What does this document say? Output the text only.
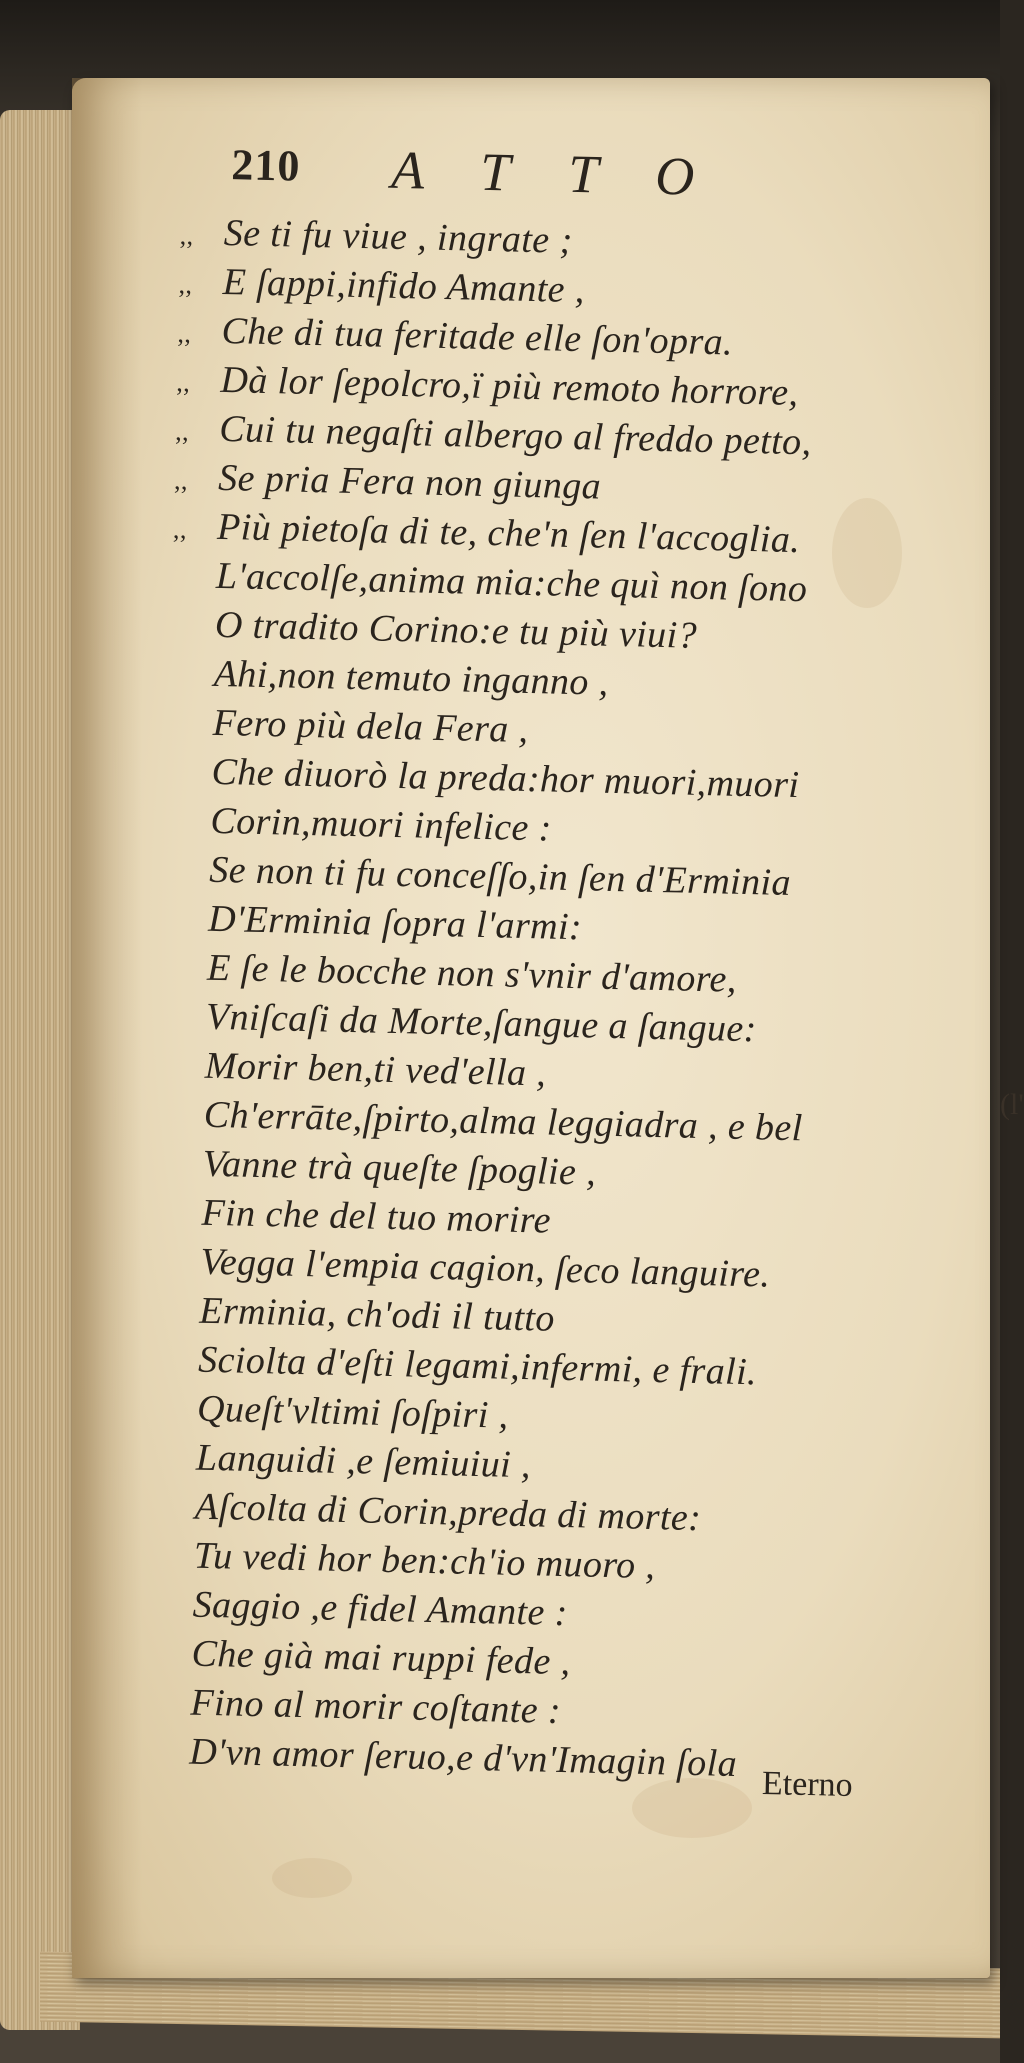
210 ATTO
,, Se ti fu viue , ingrate ;
,, E ſappi,infido Amante ,
,, Che di tua feritade elle ſon'opra.
,, Dà lor ſepolcro,ï più remoto horrore,
,, Cui tu negaſti albergo al freddo petto,
,, Se pria Fera non giunga
,, Più pietoſa di te, che'n ſen l'accoglia.
L'accolſe,anima mia:che quì non ſono
O tradito Corino:e tu più viui?
Ahi,non temuto inganno ,
Fero più dela Fera ,
Che diuorò la preda:hor muori,muori
Corin,muori infelice :
Se non ti fu conceſſo,in ſen d'Erminia
D'Erminia ſopra l'armi:
E ſe le bocche non s'vnir d'amore,
Vniſcaſi da Morte,ſangue a ſangue:
Morir ben,ti ved'ella ,
Ch'errāte,ſpirto,alma leggiadra , e bel
Vanne trà queſte ſpoglie ,
Fin che del tuo morire
Vegga l'empia cagion, ſeco languire.
Erminia, ch'odi il tutto
Sciolta d'eſti legami,infermi, e frali.
Queſt'vltimi ſoſpiri ,
Languidi ,e ſemiuiui ,
Aſcolta di Corin,preda di morte:
Tu vedi hor ben:ch'io muoro ,
Saggio ,e fidel Amante :
Che già mai ruppi fede ,
Fino al morir coſtante :
D'vn amor ſeruo,e d'vn'Imagin ſola
(l'
Eterno
